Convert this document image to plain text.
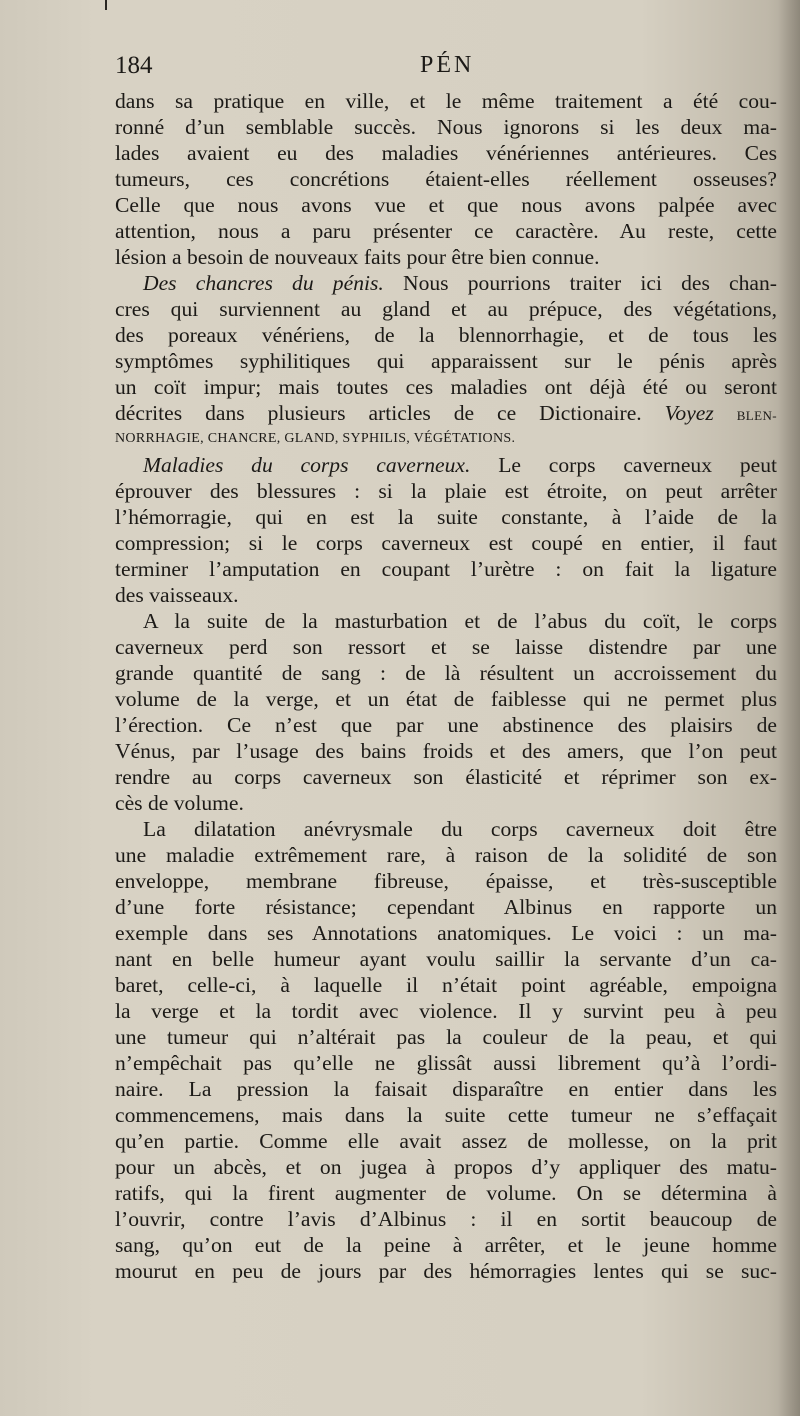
184	PÉN
dans sa pratique en ville, et le même traitement a été cou-
ronné d’un semblable succès. Nous ignorons si les deux ma-
lades avaient eu des maladies vénériennes antérieures. Ces
tumeurs, ces concrétions étaient-elles réellement osseuses?
Celle que nous avons vue et que nous avons palpée avec
attention, nous a paru présenter ce caractère. Au reste, cette
lésion a besoin de nouveaux faits pour être bien connue.
Des chancres du pénis. Nous pourrions traiter ici des chan-
cres qui surviennent au gland et au prépuce, des végétations,
des poreaux vénériens, de la blennorrhagie, et de tous les
symptômes syphilitiques qui apparaissent sur le pénis après
un coït impur; mais toutes ces maladies ont déjà été ou seront
décrites dans plusieurs articles de ce Dictionaire. Voyez BLEN-
NORRHAGIE, CHANCRE, GLAND, SYPHILIS, VÉGÉTATIONS.
Maladies du corps caverneux. Le corps caverneux peut
éprouver des blessures : si la plaie est étroite, on peut arrêter
l’hémorragie, qui en est la suite constante, à l’aide de la
compression; si le corps caverneux est coupé en entier, il faut
terminer l’amputation en coupant l’urètre : on fait la ligature
des vaisseaux.
A la suite de la masturbation et de l’abus du coït, le corps
caverneux perd son ressort et se laisse distendre par une
grande quantité de sang : de là résultent un accroissement du
volume de la verge, et un état de faiblesse qui ne permet plus
l’érection. Ce n’est que par une abstinence des plaisirs de
Vénus, par l’usage des bains froids et des amers, que l’on peut
rendre au corps caverneux son élasticité et réprimer son ex-
cès de volume.
La dilatation anévrysmale du corps caverneux doit être
une maladie extrêmement rare, à raison de la solidité de son
enveloppe, membrane fibreuse, épaisse, et très-susceptible
d’une forte résistance; cependant Albinus en rapporte un
exemple dans ses Annotations anatomiques. Le voici : un ma-
nant en belle humeur ayant voulu saillir la servante d’un ca-
baret, celle-ci, à laquelle il n’était point agréable, empoigna
la verge et la tordit avec violence. Il y survint peu à peu
une tumeur qui n’altérait pas la couleur de la peau, et qui
n’empêchait pas qu’elle ne glissât aussi librement qu’à l’ordi-
naire. La pression la faisait disparaître en entier dans les
commencemens, mais dans la suite cette tumeur ne s’effaçait
qu’en partie. Comme elle avait assez de mollesse, on la prit
pour un abcès, et on jugea à propos d’y appliquer des matu-
ratifs, qui la firent augmenter de volume. On se détermina à
l’ouvrir, contre l’avis d’Albinus : il en sortit beaucoup de
sang, qu’on eut de la peine à arrêter, et le jeune homme
mourut en peu de jours par des hémorragies lentes qui se suc-
